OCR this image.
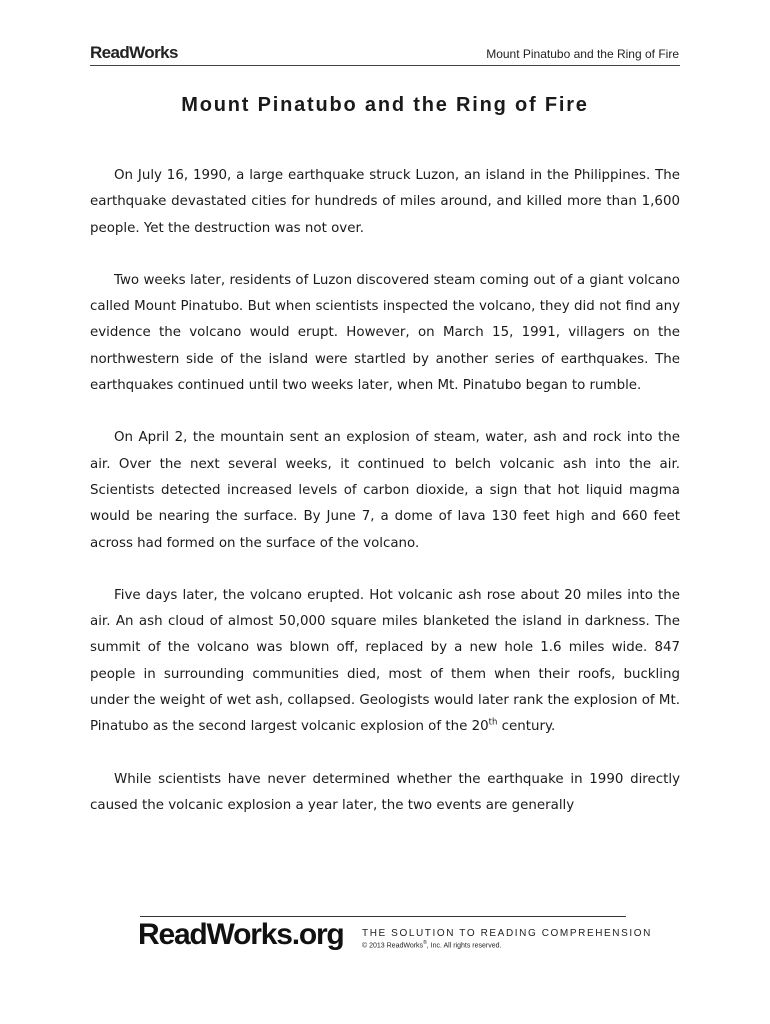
ReadWorks	Mount Pinatubo and the Ring of Fire
Mount Pinatubo and the Ring of Fire

On July 16, 1990, a large earthquake struck Luzon, an island in the Philippines. The earthquake devastated cities for hundreds of miles around, and killed more than 1,600 people. Yet the destruction was not over.

Two weeks later, residents of Luzon discovered steam coming out of a giant volcano called Mount Pinatubo. But when scientists inspected the volcano, they did not find any evidence the volcano would erupt. However, on March 15, 1991, villagers on the northwestern side of the island were startled by another series of earthquakes. The earthquakes continued until two weeks later, when Mt. Pinatubo began to rumble.

On April 2, the mountain sent an explosion of steam, water, ash and rock into the air. Over the next several weeks, it continued to belch volcanic ash into the air. Scientists detected increased levels of carbon dioxide, a sign that hot liquid magma would be nearing the surface. By June 7, a dome of lava 130 feet high and 660 feet across had formed on the surface of the volcano.

Five days later, the volcano erupted. Hot volcanic ash rose about 20 miles into the air. An ash cloud of almost 50,000 square miles blanketed the island in darkness. The summit of the volcano was blown off, replaced by a new hole 1.6 miles wide. 847 people in surrounding communities died, most of them when their roofs, buckling under the weight of wet ash, collapsed. Geologists would later rank the explosion of Mt. Pinatubo as the second largest volcanic explosion of the 20th century.

While scientists have never determined whether the earthquake in 1990 directly caused the volcanic explosion a year later, the two events are generally

ReadWorks.org THE SOLUTION TO READING COMPREHENSION
© 2013 ReadWorks®, Inc. All rights reserved.
